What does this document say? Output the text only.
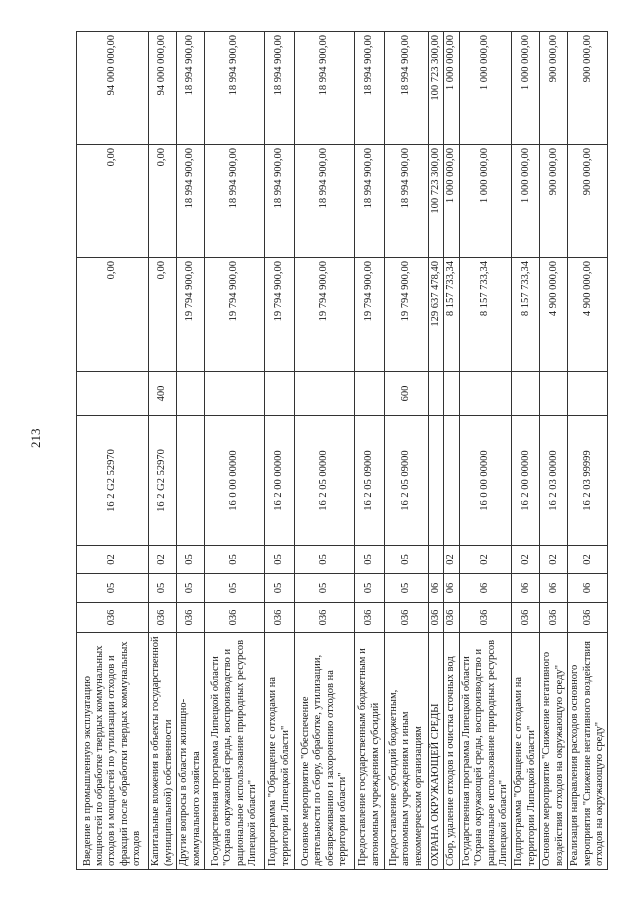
213
Введение в промышленную эксплуатацию мощностей по обработке твердых коммунальных отходов и мощностей по утилизации отходов и фракций после обработки твердых коммунальных отходов	036	05	02	16 2 G2 52970		0,00	0,00	94 000 000,00
Капитальные вложения в объекты государственной (муниципальной) собственности	036	05	02	16 2 G2 52970	400	0,00	0,00	94 000 000,00
Другие вопросы в области жилищно-коммунального хозяйства	036	05	05			19 794 900,00	18 994 900,00	18 994 900,00
Государственная программа Липецкой области "Охрана окружающей среды, воспроизводство и рациональное использование природных ресурсов Липецкой области"	036	05	05	16 0 00 00000		19 794 900,00	18 994 900,00	18 994 900,00
Подпрограмма "Обращение с отходами на территории Липецкой области"	036	05	05	16 2 00 00000		19 794 900,00	18 994 900,00	18 994 900,00
Основное мероприятие "Обеспечение деятельности по сбору, обработке, утилизации, обезвреживанию и захоронению отходов на территории области"	036	05	05	16 2 05 00000		19 794 900,00	18 994 900,00	18 994 900,00
Предоставление государственным бюджетным и автономным учреждениям субсидий	036	05	05	16 2 05 09000		19 794 900,00	18 994 900,00	18 994 900,00
Предоставление субсидий бюджетным, автономным учреждениям и иным некоммерческим организациям	036	05	05	16 2 05 09000	600	19 794 900,00	18 994 900,00	18 994 900,00
ОХРАНА ОКРУЖАЮЩЕЙ СРЕДЫ	036	06				129 637 478,40	100 723 300,00	100 723 300,00
Сбор, удаление отходов и очистка сточных вод	036	06	02			8 157 733,34	1 000 000,00	1 000 000,00
Государственная программа Липецкой области "Охрана окружающей среды, воспроизводство и рациональное использование природных ресурсов Липецкой области"	036	06	02	16 0 00 00000		8 157 733,34	1 000 000,00	1 000 000,00
Подпрограмма "Обращение с отходами на территории Липецкой области"	036	06	02	16 2 00 00000		8 157 733,34	1 000 000,00	1 000 000,00
Основное мероприятие "Снижение негативного воздействия отходов на окружающую среду"	036	06	02	16 2 03 00000		4 900 000,00	900 000,00	900 000,00
Реализация направления расходов основного мероприятия "Снижение негативного воздействия отходов на окружающую среду"	036	06	02	16 2 03 99999		4 900 000,00	900 000,00	900 000,00
